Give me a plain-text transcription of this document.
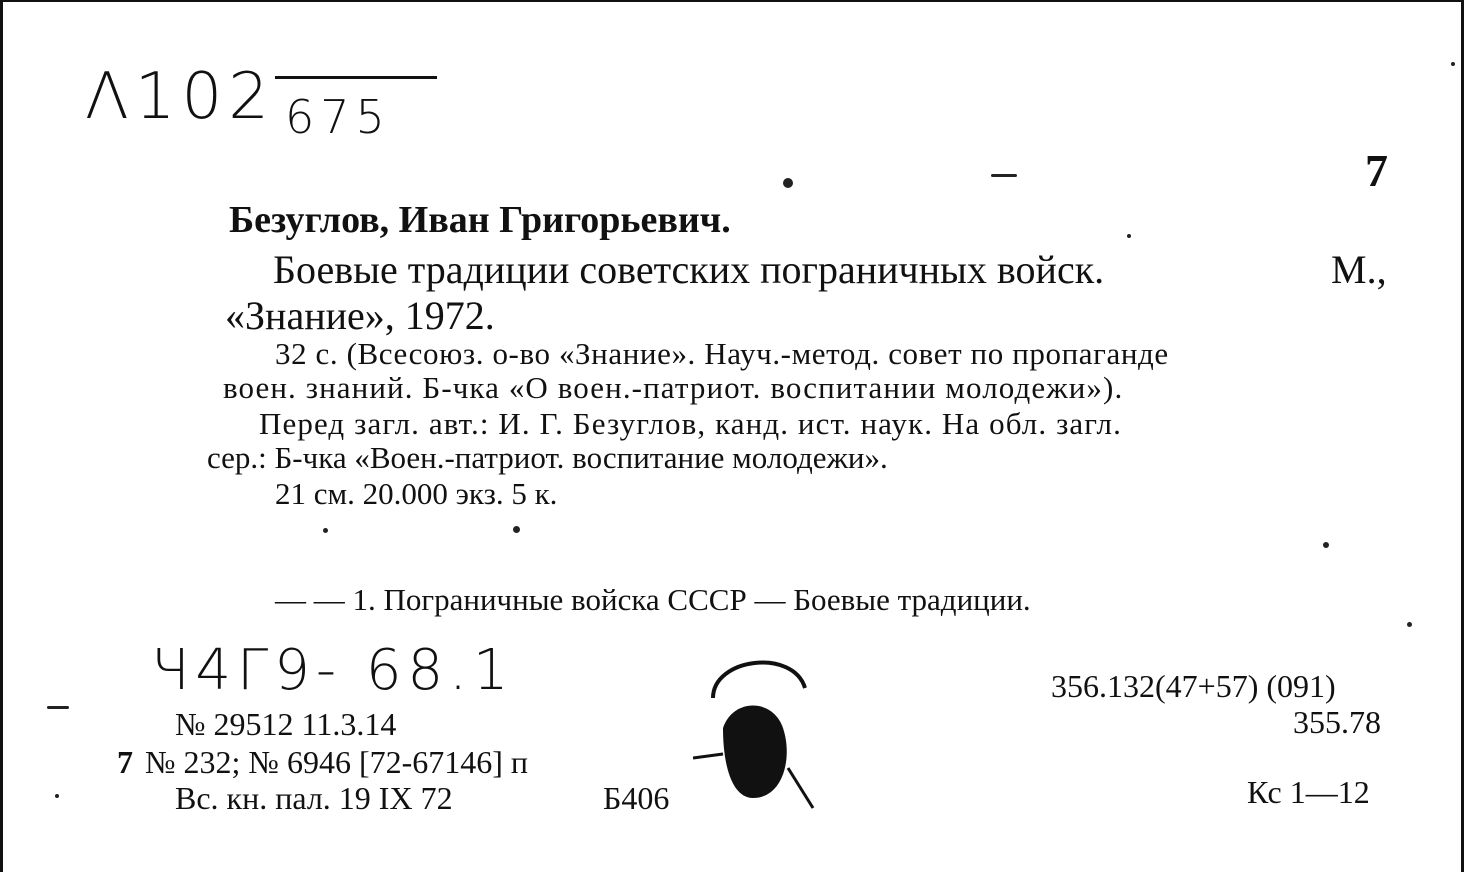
Λ102 675
7
Безуглов, Иван Григорьевич.
Боевые традиции советских пограничных войск.	М.,
«Знание», 1972.
32 с. (Всесоюз. о-во «Знание». Науч.-метод. совет по пропаганде
воен. знаний. Б-чка «О воен.-патриот. воспитании молодежи»).
Перед загл. авт.: И. Г. Безуглов, канд. ист. наук. На обл. загл.
сер.: Б-чка «Воен.-патриот. воспитание молодежи».
21 см. 20.000 экз. 5 к.
— — 1. Пограничные войска СССР — Боевые традиции.
Ч4Г9- 68.1
№ 29512 11.3.14
7 № 232; № 6946 [72-67146] п
Вс. кн. пал. 19 IX 72	Б406
356.132(47+57) (091)
355.78
Кс 1—12
